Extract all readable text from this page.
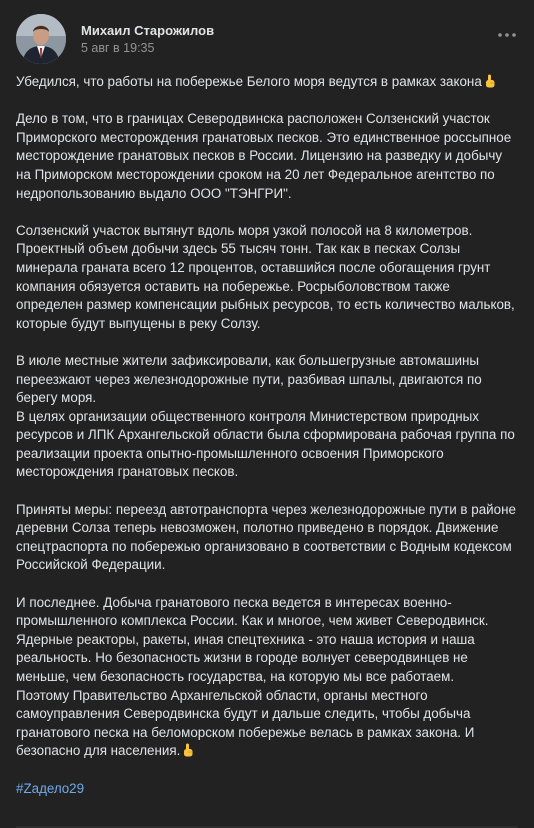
Михаил Старожилов
5 авг в 19:35
Убедился, что работы на побережье Белого моря ведутся в рамках закона
Дело в том, что в границах Северодвинска расположен Солзенский участок Приморского месторождения гранатовых песков. Это единственное россыпное месторождение гранатовых песков в России. Лицензию на разведку и добычу на Приморском месторождении сроком на 20 лет Федеральное агентство по недропользованию выдало ООО "ТЭНГРИ".
Солзенский участок вытянут вдоль моря узкой полосой на 8 километров. Проектный объем добычи здесь 55 тысяч тонн. Так как в песках Солзы минерала граната всего 12 процентов, оставшийся после обогащения грунт компания обязуется оставить на побережье. Росрыболовством также определен размер компенсации рыбных ресурсов, то есть количество мальков, которые будут выпущены в реку Солзу.
В июле местные жители зафиксировали, как большегрузные автомашины переезжают через железнодорожные пути, разбивая шпалы, двигаются по берегу моря.
В целях организации общественного контроля Министерством природных ресурсов и ЛПК Архангельской области была сформирована рабочая группа по реализации проекта опытно-промышленного освоения Приморского месторождения гранатовых песков.
Приняты меры: переезд автотранспорта через железнодорожные пути в районе деревни Солза теперь невозможен, полотно приведено в порядок. Движение спецтраспорта по побережью организовано в соответствии с Водным кодексом Российской Федерации.
И последнее. Добыча гранатового песка ведется в интересах военно-промышленного комплекса России. Как и многое, чем живет Северодвинск. Ядерные реакторы, ракеты, иная спецтехника - это наша история и наша реальность. Но безопасность жизни в городе волнует северодвинцев не меньше, чем безопасность государства, на которую мы все работаем.
Поэтому Правительство Архангельской области, органы местного самоуправления Северодвинска будут и дальше следить, чтобы добыча гранатового песка на беломорском побережье велась в рамках закона. И безопасно для населения.
#Zaделo29
